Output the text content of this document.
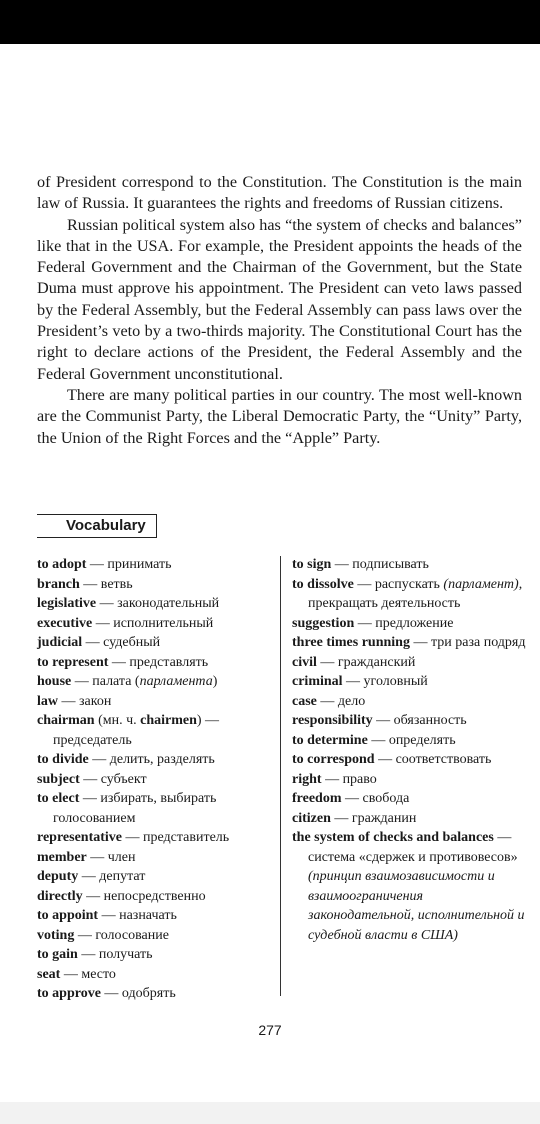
of President correspond to the Constitution. The Constitution is the main law of Russia. It guarantees the rights and freedoms of Russian citizens.

Russian political system also has “the system of checks and balances” like that in the USA. For example, the President appoints the heads of the Federal Government and the Chairman of the Government, but the State Duma must approve his appointment. The President can veto laws passed by the Federal Assembly, but the Federal Assembly can pass laws over the President’s veto by a two-thirds majority. The Constitutional Court has the right to declare actions of the President, the Federal Assembly and the Federal Government unconstitutional.

There are many political parties in our country. The most well-known are the Communist Party, the Liberal Democratic Party, the “Unity” Party, the Union of the Right Forces and the “Apple” Party.

Vocabulary
to adopt — принимать
branch — ветвь
legislative — законодательный
executive — исполнительный
judicial — судебный
to represent — представлять
house — палата (парламента)
law — закон
chairman (мн. ч. chairmen) — председатель
to divide — делить, разделять
subject — субъект
to elect — избирать, выбирать голосованием
representative — представитель
member — член
deputy — депутат
directly — непосредственно
to appoint — назначать
voting — голосование
to gain — получать
seat — место
to approve — одобрять
to sign — подписывать
to dissolve — распускать (парламент), прекращать деятельность
suggestion — предложение
three times running — три раза подряд
civil — гражданский
criminal — уголовный
case — дело
responsibility — обязанность
to determine — определять
to correspond — соответствовать
right — право
freedom — свобода
citizen — гражданин
the system of checks and balances — система «сдержек и противовесов» (принцип взаимозависимости и взаимоограничения законодательной, исполнительной и судебной власти в США)
277
